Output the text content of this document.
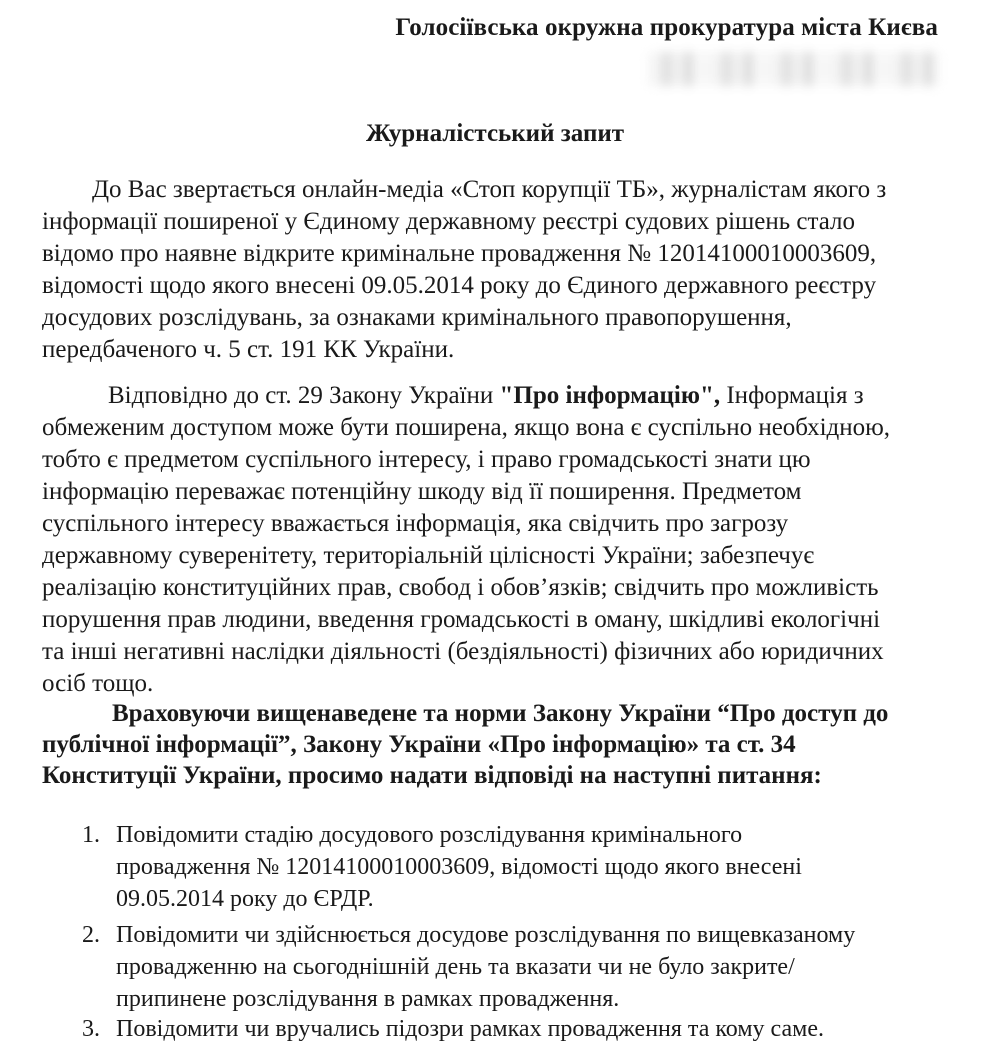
Голосіївська окружна прокуратура міста Києва
Журналістський запит
До Вас звертається онлайн-медіа «Стоп корупції ТБ», журналістам якого з
інформації поширеної у Єдиному державному реєстрі судових рішень стало
відомо про наявне відкрите кримінальне провадження № 12014100010003609,
відомості щодо якого внесені 09.05.2014 року до Єдиного державного реєстру
досудових розслідувань, за ознаками кримінального правопорушення,
передбаченого ч. 5 ст. 191 КК України.
Відповідно до ст. 29 Закону України "Про інформацію", Інформація з
обмеженим доступом може бути поширена, якщо вона є суспільно необхідною,
тобто є предметом суспільного інтересу, і право громадськості знати цю
інформацію переважає потенційну шкоду від її поширення. Предметом
суспільного інтересу вважається інформація, яка свідчить про загрозу
державному суверенітету, територіальній цілісності України; забезпечує
реалізацію конституційних прав, свобод і обов’язків; свідчить про можливість
порушення прав людини, введення громадськості в оману, шкідливі екологічні
та інші негативні наслідки діяльності (бездіяльності) фізичних або юридичних
осіб тощо.
Враховуючи вищенаведене та норми Закону України “Про доступ до
публічної інформації”, Закону України «Про інформацію» та ст. 34
Конституції України, просимо надати відповіді на наступні питання:
1. Повідомити стадію досудового розслідування кримінального
провадження № 12014100010003609, відомості щодо якого внесені
09.05.2014 року до ЄРДР.
2. Повідомити чи здійснюється досудове розслідування по вищевказаному
провадженню на сьогоднішній день та вказати чи не було закрите/
припинене розслідування в рамках провадження.
3. Повідомити чи вручались підозри рамках провадження та кому саме.
